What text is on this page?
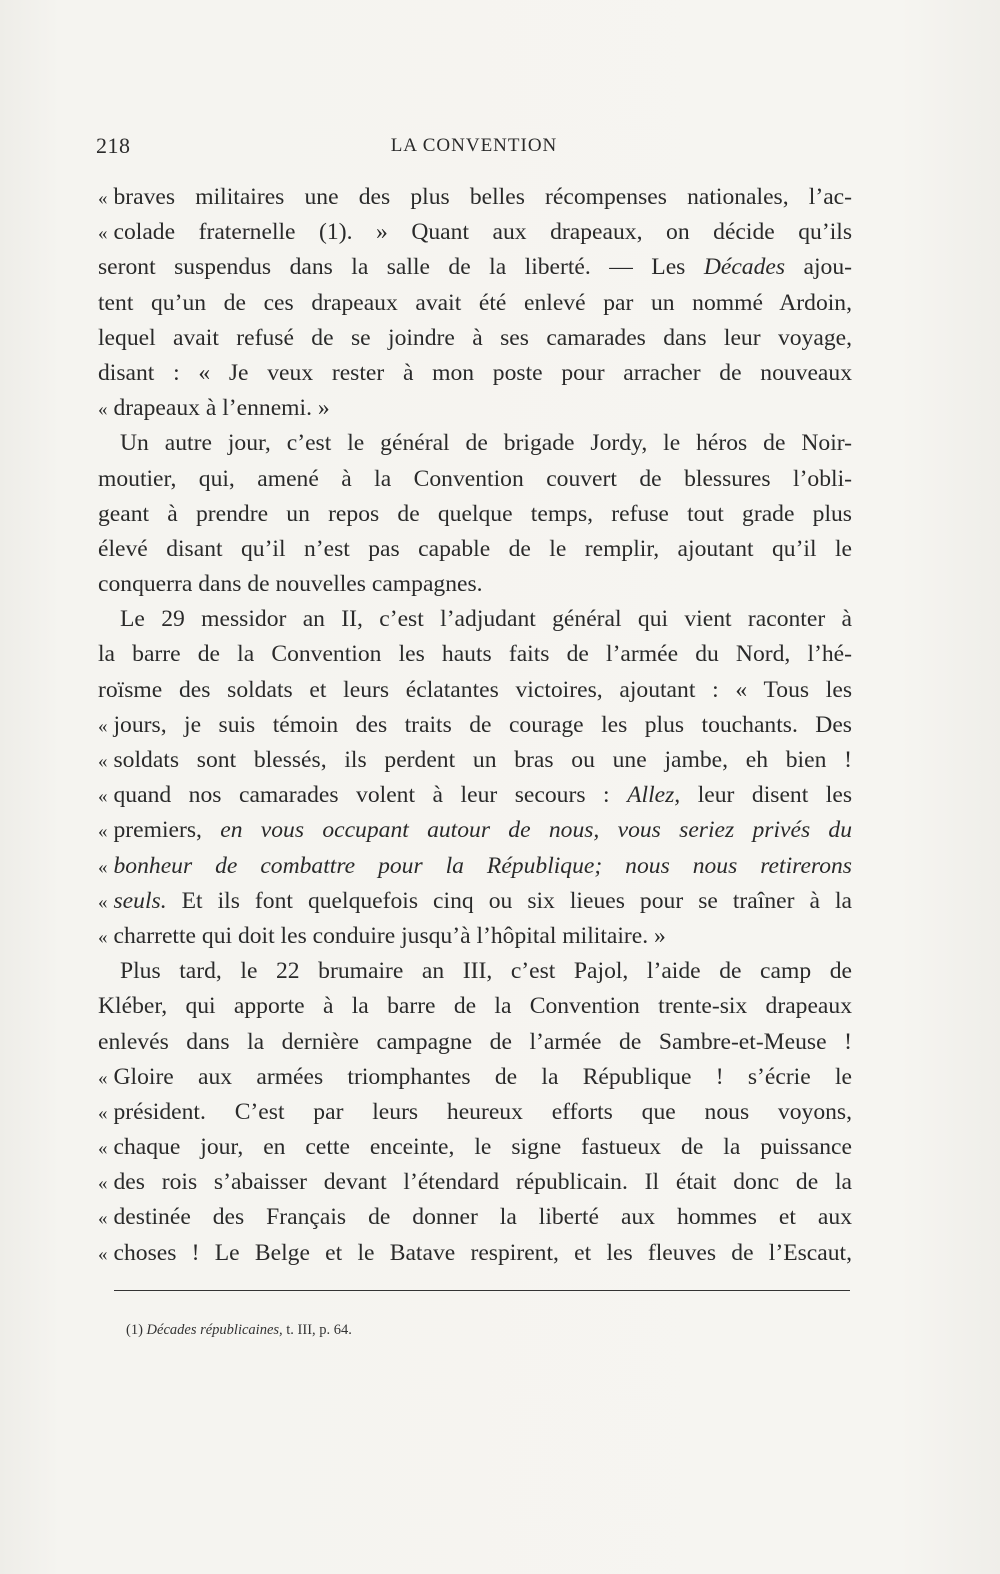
218	LA CONVENTION
« braves militaires une des plus belles récompenses nationales, l’ac-
« colade fraternelle (1). » Quant aux drapeaux, on décide qu’ils
seront suspendus dans la salle de la liberté. — Les Décades ajou-
tent qu’un de ces drapeaux avait été enlevé par un nommé Ardoin,
lequel avait refusé de se joindre à ses camarades dans leur voyage,
disant : « Je veux rester à mon poste pour arracher de nouveaux
« drapeaux à l’ennemi. »
Un autre jour, c’est le général de brigade Jordy, le héros de Noir-
moutier, qui, amené à la Convention couvert de blessures l’obli-
geant à prendre un repos de quelque temps, refuse tout grade plus
élevé disant qu’il n’est pas capable de le remplir, ajoutant qu’il le
conquerra dans de nouvelles campagnes.
Le 29 messidor an II, c’est l’adjudant général qui vient raconter à
la barre de la Convention les hauts faits de l’armée du Nord, l’hé-
roïsme des soldats et leurs éclatantes victoires, ajoutant : « Tous les
« jours, je suis témoin des traits de courage les plus touchants. Des
« soldats sont blessés, ils perdent un bras ou une jambe, eh bien !
« quand nos camarades volent à leur secours : Allez, leur disent les
« premiers, en vous occupant autour de nous, vous seriez privés du
« bonheur de combattre pour la République; nous nous retirerons
« seuls. Et ils font quelquefois cinq ou six lieues pour se traîner à la
« charrette qui doit les conduire jusqu’à l’hôpital militaire. »
Plus tard, le 22 brumaire an III, c’est Pajol, l’aide de camp de
Kléber, qui apporte à la barre de la Convention trente-six drapeaux
enlevés dans la dernière campagne de l’armée de Sambre-et-Meuse !
« Gloire aux armées triomphantes de la République ! s’écrie le
« président. C’est par leurs heureux efforts que nous voyons,
« chaque jour, en cette enceinte, le signe fastueux de la puissance
« des rois s’abaisser devant l’étendard républicain. Il était donc de la
« destinée des Français de donner la liberté aux hommes et aux
« choses ! Le Belge et le Batave respirent, et les fleuves de l’Escaut,
(1) Décades républicaines, t. III, p. 64.
